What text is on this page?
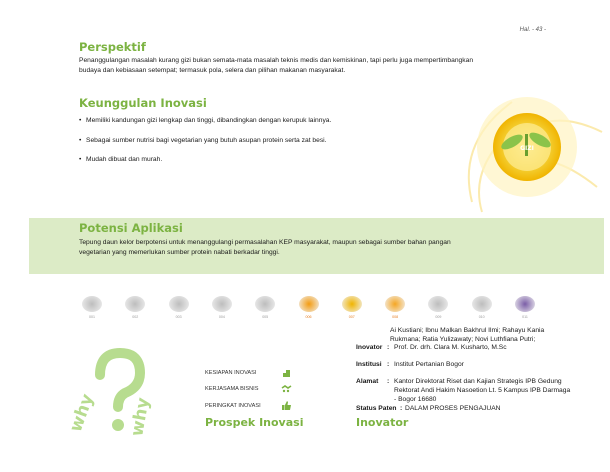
Hal. - 43 -
Perspektif
Penanggulangan masalah kurang gizi bukan semata-mata masalah teknis medis dan kemiskinan, tapi perlu juga mempertimbangkan budaya dan kebiasaan setempat; termasuk pola, selera dan pilihan makanan masyarakat.
Keunggulan Inovasi
• Memiliki kandungan gizi lengkap dan tinggi, dibandingkan dengan kerupuk lainnya.
• Sebagai sumber nutrisi bagi vegetarian yang butuh asupan protein serta zat besi.
• Mudah dibuat dan murah.
GIZI
Potensi Aplikasi
Tepung daun kelor berpotensi untuk menanggulangi permasalahan KEP masyarakat, maupun sebagai sumber bahan pangan vegetarian yang memerlukan sumber protein nabati berkadar tinggi.
001	002	003	004	005	006	007	008	009	010	011
Ai Kustiani; Ibnu Malkan Bakhrul Ilmi; Rahayu Kania Rukmana; Ratia Yulizawaty; Novi Luthfiana Putri;
Inovator : Prof. Dr. drh. Clara M. Kusharto, M.Sc
Institusi : Institut Pertanian Bogor
Alamat : Kantor Direktorat Riset dan Kajian Strategis IPB Gedung Rektorat Andi Hakim Nasoetion Lt. 5 Kampus IPB Darmaga - Bogor 16680
Status Paten : DALAM PROSES PENGAJUAN
why why
KESIAPAN INOVASI
KERJASAMA BISNIS
PERINGKAT INOVASI
Prospek Inovasi	Inovator
